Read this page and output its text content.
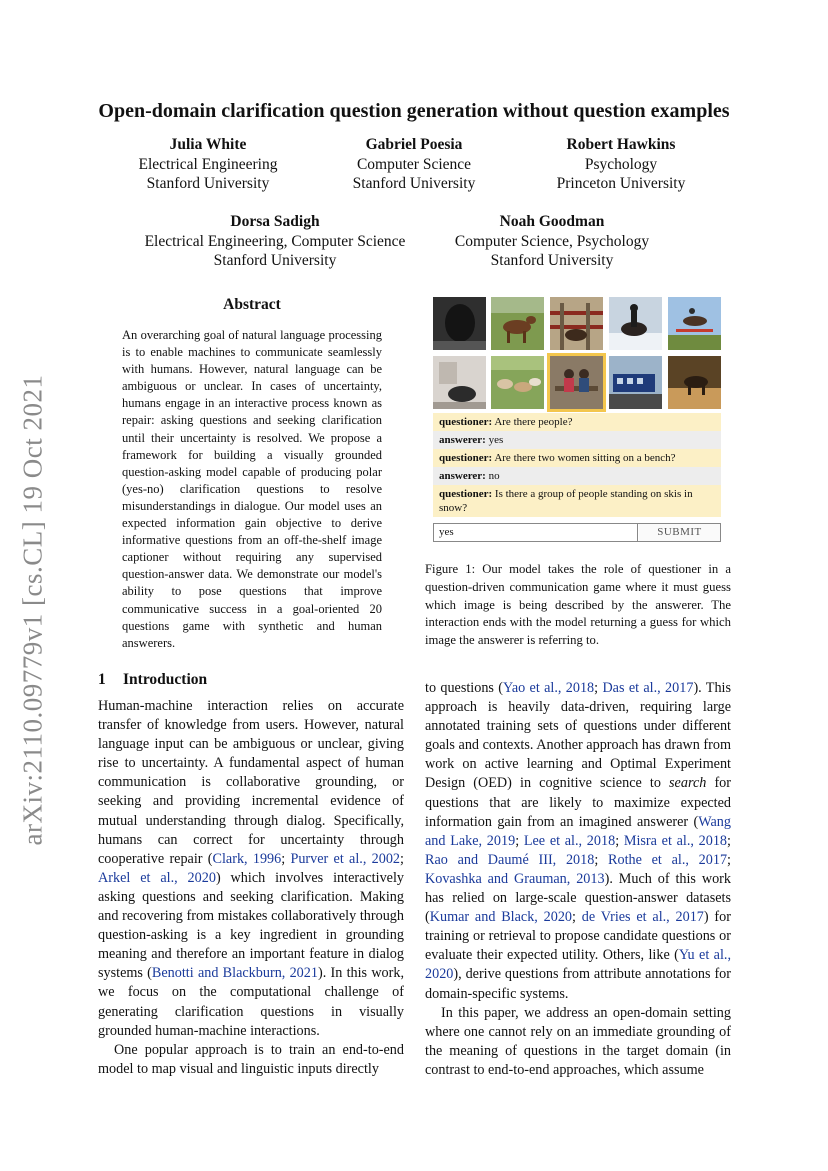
arXiv:2110.09779v1 [cs.CL] 19 Oct 2021
Open-domain clarification question generation without question examples
Julia White
Electrical Engineering
Stanford University
Gabriel Poesia
Computer Science
Stanford University
Robert Hawkins
Psychology
Princeton University
Dorsa Sadigh
Electrical Engineering, Computer Science
Stanford University
Noah Goodman
Computer Science, Psychology
Stanford University
Abstract
An overarching goal of natural language processing is to enable machines to communicate seamlessly with humans. However, natural language can be ambiguous or unclear. In cases of uncertainty, humans engage in an interactive process known as repair: asking questions and seeking clarification until their uncertainty is resolved. We propose a framework for building a visually grounded question-asking model capable of producing polar (yes-no) clarification questions to resolve misunderstandings in dialogue. Our model uses an expected information gain objective to derive informative questions from an off-the-shelf image captioner without requiring any supervised question-answer data. We demonstrate our model's ability to pose questions that improve communicative success in a goal-oriented 20 questions game with synthetic and human answerers.
questioner: Are there people?
answerer: yes
questioner: Are there two women sitting on a bench?
answerer: no
questioner: Is there a group of people standing on skis in snow?
yes	SUBMIT
Figure 1: Our model takes the role of questioner in a question-driven communication game where it must guess which image is being described by the answerer. The interaction ends with the model returning a guess for which image the answerer is referring to.
1 Introduction

Human-machine interaction relies on accurate transfer of knowledge from users. However, natural language input can be ambiguous or unclear, giving rise to uncertainty. A fundamental aspect of human communication is collaborative grounding, or seeking and providing incremental evidence of mutual understanding through dialog. Specifically, humans can correct for uncertainty through cooperative repair (Clark, 1996; Purver et al., 2002; Arkel et al., 2020) which involves interactively asking questions and seeking clarification. Making and recovering from mistakes collaboratively through question-asking is a key ingredient in grounding meaning and therefore an important feature in dialog systems (Benotti and Blackburn, 2021). In this work, we focus on the computational challenge of generating clarification questions in visually grounded human-machine interactions.

One popular approach is to train an end-to-end model to map visual and linguistic inputs directly

to questions (Yao et al., 2018; Das et al., 2017). This approach is heavily data-driven, requiring large annotated training sets of questions under different goals and contexts. Another approach has drawn from work on active learning and Optimal Experiment Design (OED) in cognitive science to search for questions that are likely to maximize expected information gain from an imagined answerer (Wang and Lake, 2019; Lee et al., 2018; Misra et al., 2018; Rao and Daumé III, 2018; Rothe et al., 2017; Kovashka and Grauman, 2013). Much of this work has relied on large-scale question-answer datasets (Kumar and Black, 2020; de Vries et al., 2017) for training or retrieval to propose candidate questions or evaluate their expected utility. Others, like (Yu et al., 2020), derive questions from attribute annotations for domain-specific systems.

In this paper, we address an open-domain setting where one cannot rely on an immediate grounding of the meaning of questions in the target domain (in contrast to end-to-end approaches, which assume
